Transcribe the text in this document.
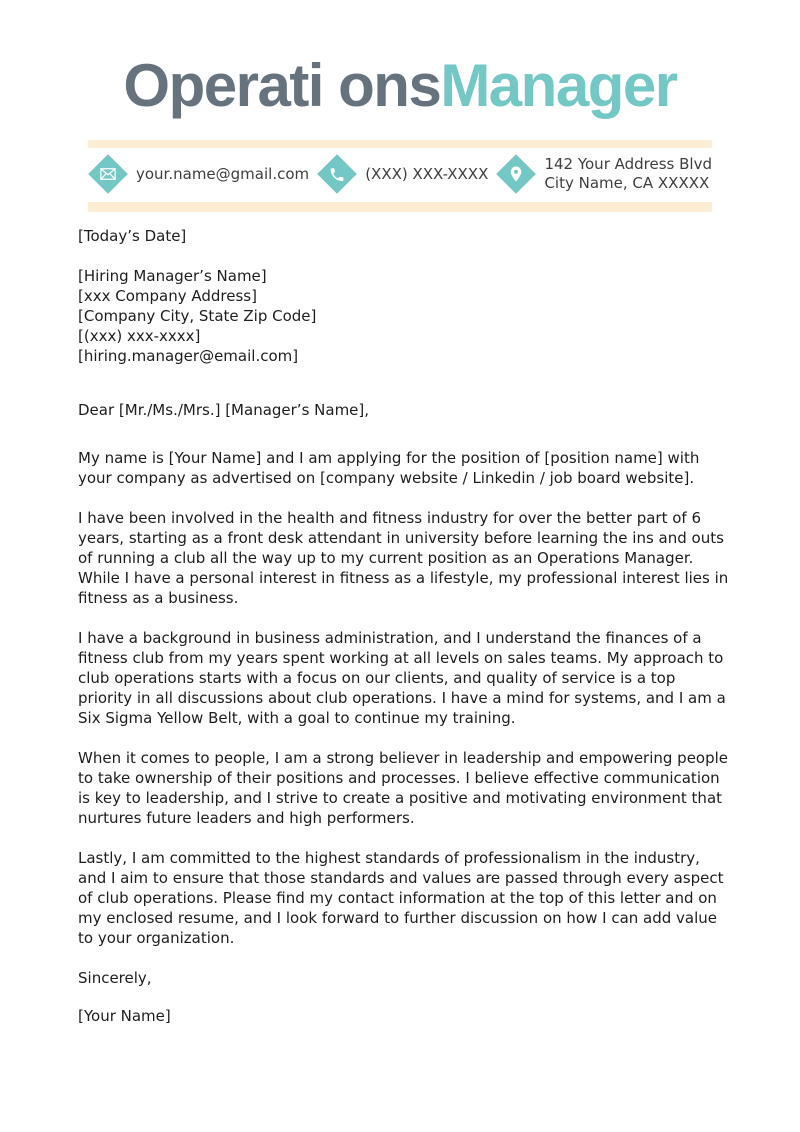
Operati onsManager
your.name@gmail.com	(XXX) XXX-XXXX
142 Your Address Blvd
City Name, CA XXXXX

[Today’s Date]

[Hiring Manager’s Name]
[xxx Company Address]
[Company City, State Zip Code]
[(xxx) xxx-xxxx]
[hiring.manager@email.com]

Dear [Mr./Ms./Mrs.] [Manager’s Name],

My name is [Your Name] and I am applying for the position of [position name] with your company as advertised on [company website / Linkedin / job board website].

I have been involved in the health and fitness industry for over the better part of 6 years, starting as a front desk attendant in university before learning the ins and outs of running a club all the way up to my current position as an Operations Manager. While I have a personal interest in fitness as a lifestyle, my professional interest lies in fitness as a business.

I have a background in business administration, and I understand the finances of a fitness club from my years spent working at all levels on sales teams. My approach to club operations starts with a focus on our clients, and quality of service is a top priority in all discussions about club operations. I have a mind for systems, and I am a Six Sigma Yellow Belt, with a goal to continue my training.

When it comes to people, I am a strong believer in leadership and empowering people to take ownership of their positions and processes. I believe effective communication is key to leadership, and I strive to create a positive and motivating environment that nurtures future leaders and high performers.

Lastly, I am committed to the highest standards of professionalism in the industry, and I aim to ensure that those standards and values are passed through every aspect of club operations. Please find my contact information at the top of this letter and on my enclosed resume, and I look forward to further discussion on how I can add value to your organization.

Sincerely,

[Your Name]
